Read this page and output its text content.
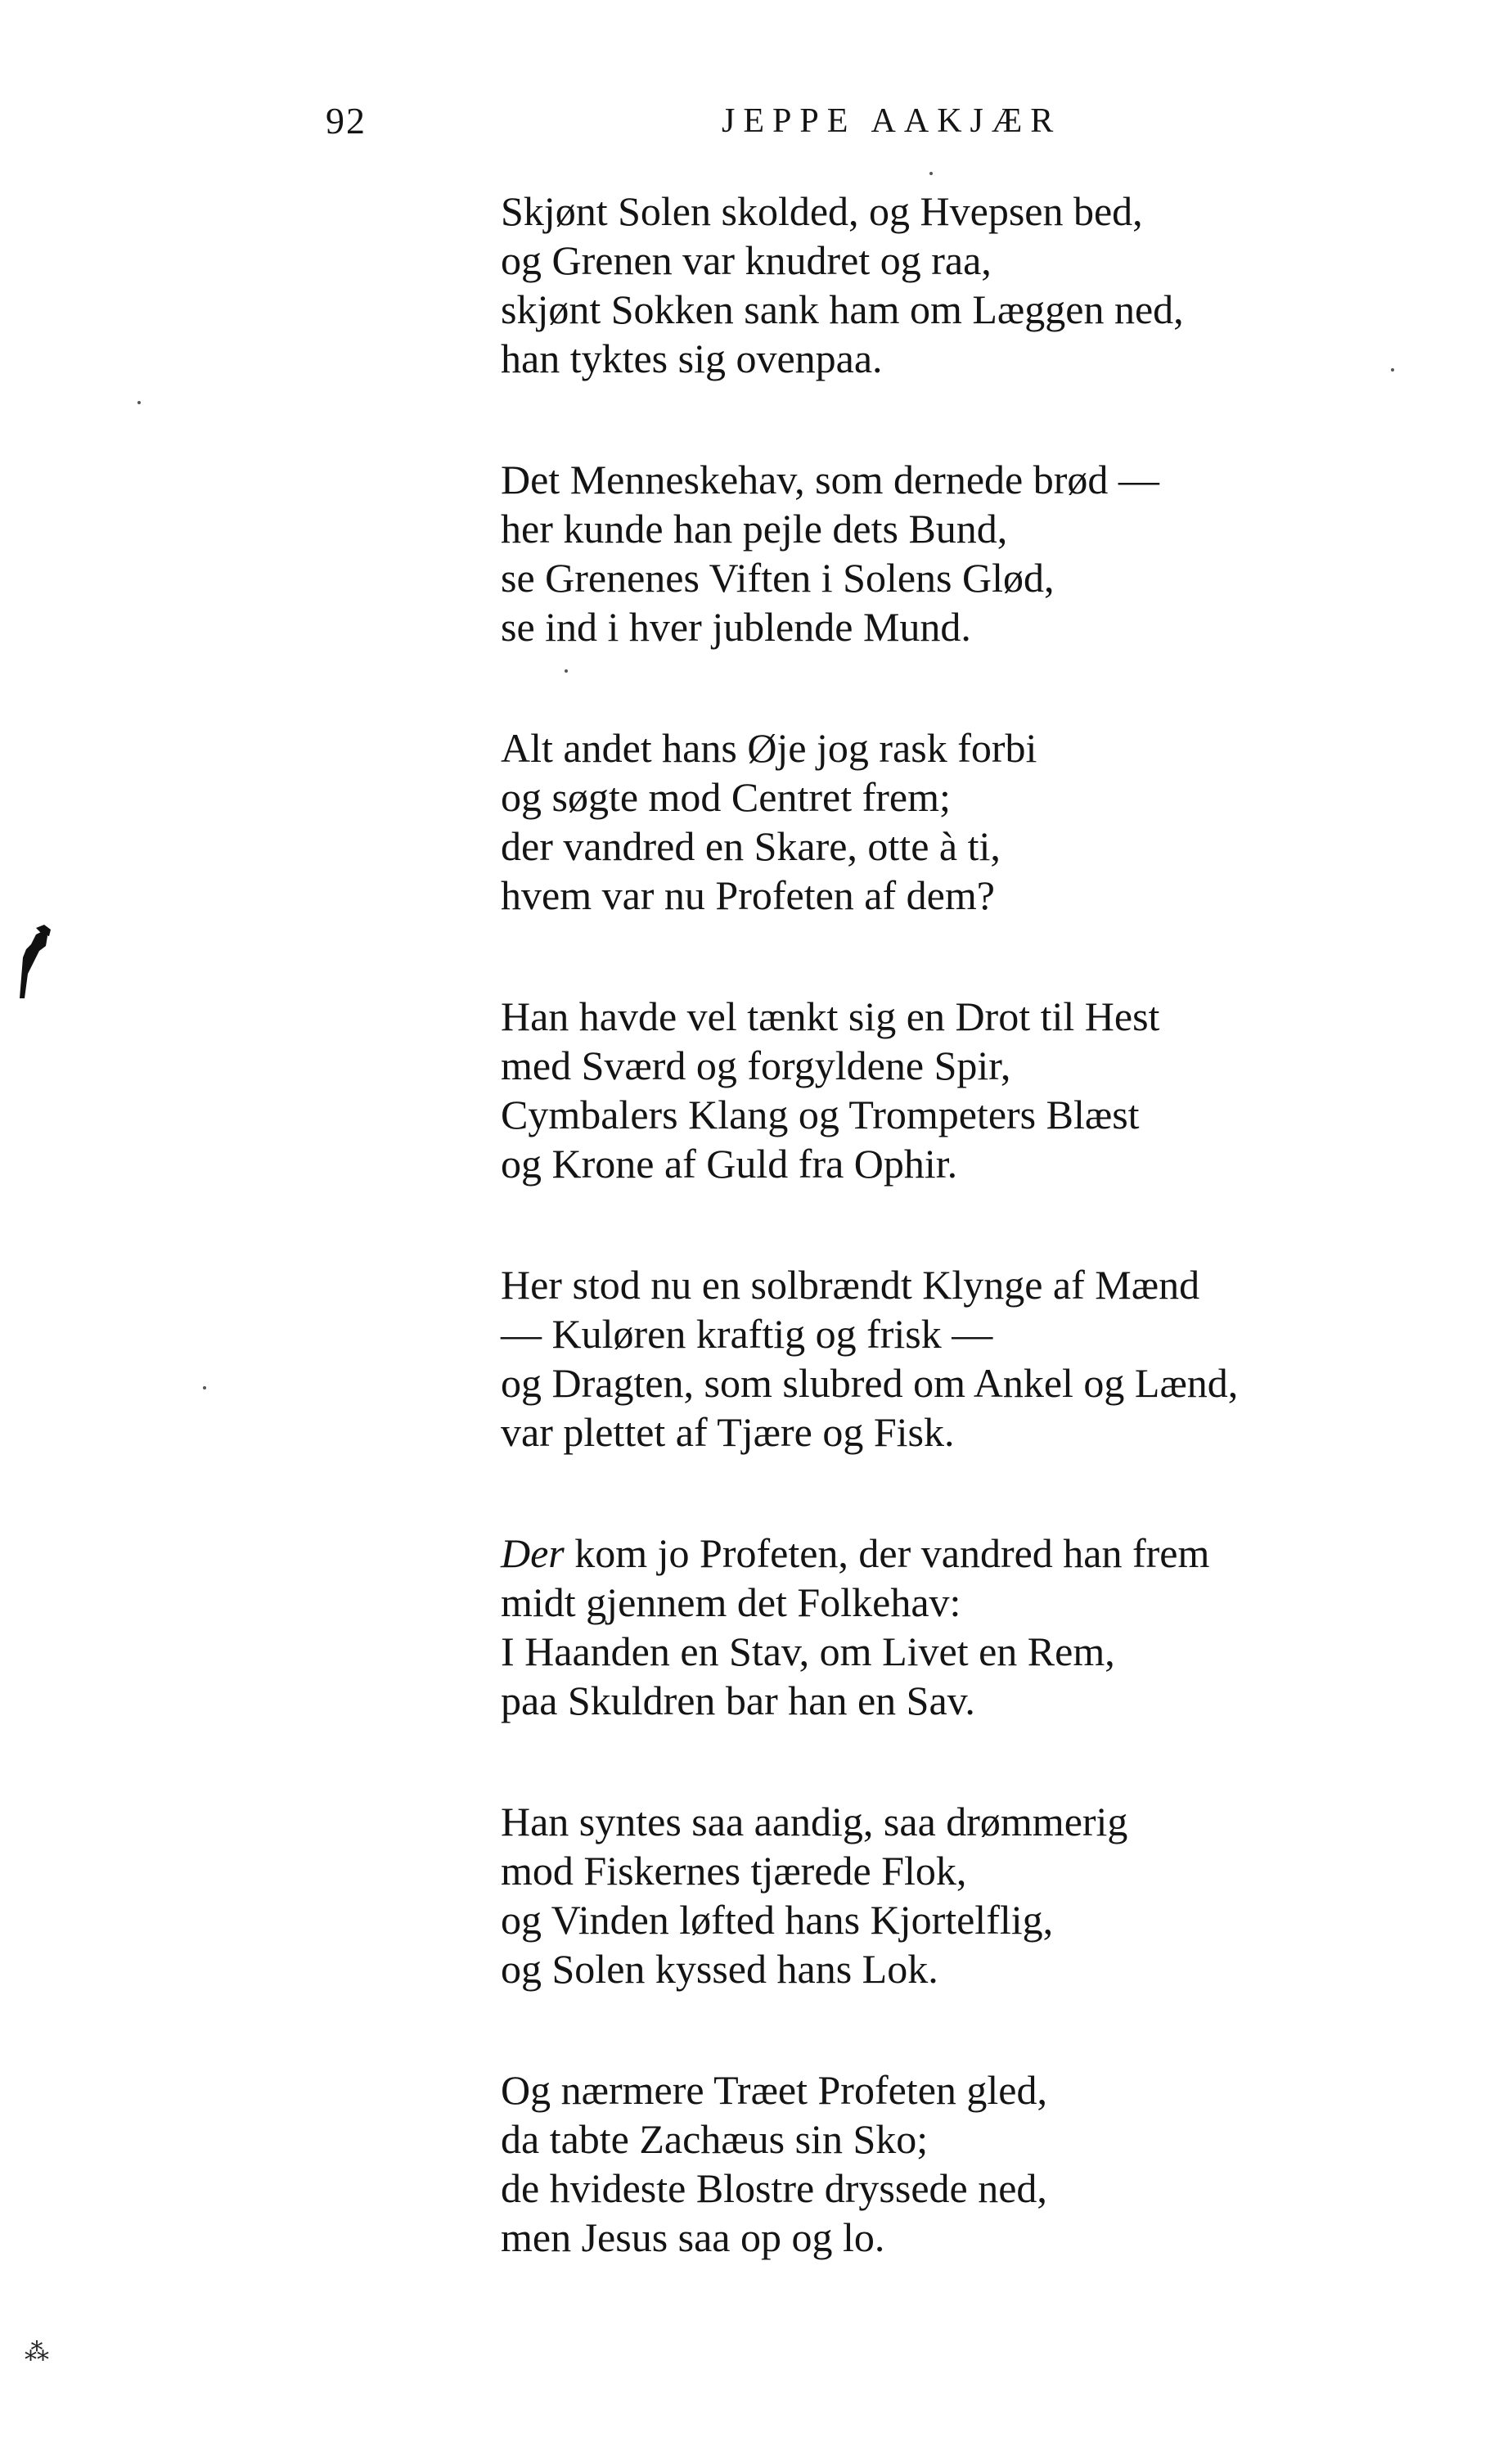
92	JEPPE AAKJÆR
Skjønt Solen skolded, og Hvepsen bed,
og Grenen var knudret og raa,
skjønt Sokken sank ham om Læggen ned,
han tyktes sig ovenpaa.
Det Menneskehav, som dernede brød —
her kunde han pejle dets Bund,
se Grenenes Viften i Solens Glød,
se ind i hver jublende Mund.
Alt andet hans Øje jog rask forbi
og søgte mod Centret frem;
der vandred en Skare, otte à ti,
hvem var nu Profeten af dem?
Han havde vel tænkt sig en Drot til Hest
med Sværd og forgyldene Spir,
Cymbalers Klang og Trompeters Blæst
og Krone af Guld fra Ophir.
Her stod nu en solbrændt Klynge af Mænd
— Kuløren kraftig og frisk —
og Dragten, som slubred om Ankel og Lænd,
var plettet af Tjære og Fisk.
Der kom jo Profeten, der vandred han frem
midt gjennem det Folkehav:
I Haanden en Stav, om Livet en Rem,
paa Skuldren bar han en Sav.
Han syntes saa aandig, saa drømmerig
mod Fiskernes tjærede Flok,
og Vinden løfted hans Kjortelflig,
og Solen kyssed hans Lok.
Og nærmere Træet Profeten gled,
da tabte Zachæus sin Sko;
de hvideste Blostre dryssede ned,
men Jesus saa op og lo.
⁂
